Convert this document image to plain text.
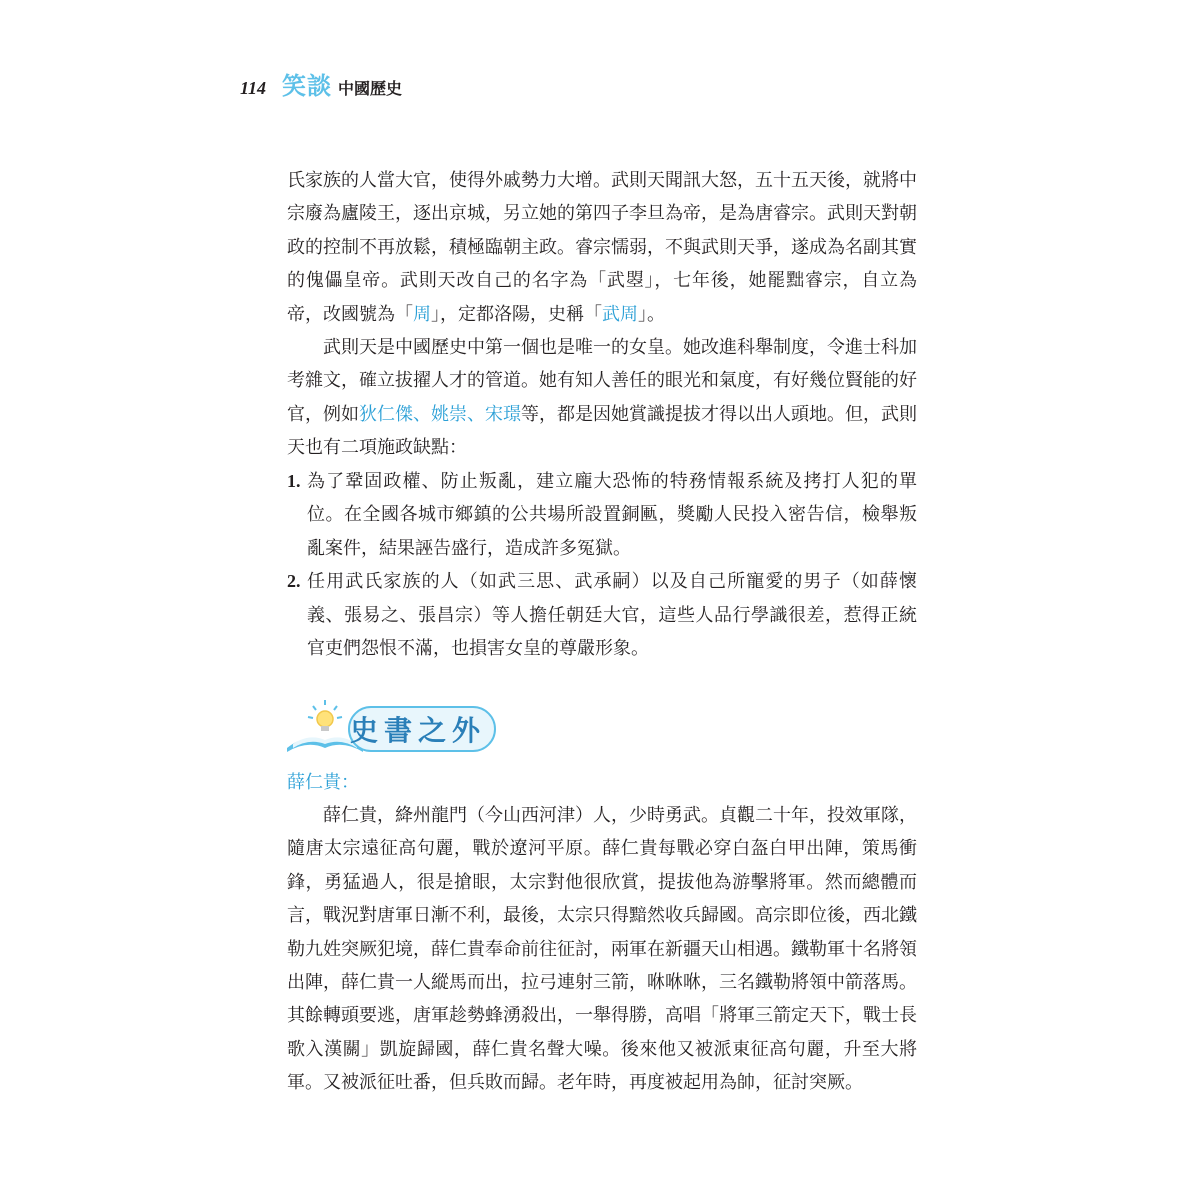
114 笑談 中國歷史

氏家族的人當大官，使得外戚勢力大增。武則天聞訊大怒，五十五天後，就將中宗廢為廬陵王，逐出京城，另立她的第四子李旦為帝，是為唐睿宗。武則天對朝政的控制不再放鬆，積極臨朝主政。睿宗懦弱，不與武則天爭，遂成為名副其實的傀儡皇帝。武則天改自己的名字為「武曌」，七年後，她罷黜睿宗，自立為帝，改國號為「周」，定都洛陽，史稱「武周」。

武則天是中國歷史中第一個也是唯一的女皇。她改進科舉制度，令進士科加考雜文，確立拔擢人才的管道。她有知人善任的眼光和氣度，有好幾位賢能的好官，例如狄仁傑、姚崇、宋璟等，都是因她賞識提拔才得以出人頭地。但，武則天也有二項施政缺點：

1. 為了鞏固政權、防止叛亂，建立龐大恐怖的特務情報系統及拷打人犯的單位。在全國各城市鄉鎮的公共場所設置銅匭，獎勵人民投入密告信，檢舉叛亂案件，結果誣告盛行，造成許多冤獄。
2. 任用武氏家族的人（如武三思、武承嗣）以及自己所寵愛的男子（如薛懷義、張易之、張昌宗）等人擔任朝廷大官，這些人品行學識很差，惹得正統官吏們怨恨不滿，也損害女皇的尊嚴形象。
史書之外

薛仁貴：

薛仁貴，絳州龍門（今山西河津）人，少時勇武。貞觀二十年，投效軍隊，隨唐太宗遠征高句麗，戰於遼河平原。薛仁貴每戰必穿白盔白甲出陣，策馬衝鋒，勇猛過人，很是搶眼，太宗對他很欣賞，提拔他為游擊將軍。然而總體而言，戰況對唐軍日漸不利，最後，太宗只得黯然收兵歸國。高宗即位後，西北鐵勒九姓突厥犯境，薛仁貴奉命前往征討，兩軍在新疆天山相遇。鐵勒軍十名將領出陣，薛仁貴一人縱馬而出，拉弓連射三箭，咻咻咻，三名鐵勒將領中箭落馬。其餘轉頭要逃，唐軍趁勢蜂湧殺出，一舉得勝，高唱「將軍三箭定天下，戰士長歌入漢關」凱旋歸國，薛仁貴名聲大噪。後來他又被派東征高句麗，升至大將軍。又被派征吐番，但兵敗而歸。老年時，再度被起用為帥，征討突厥。
